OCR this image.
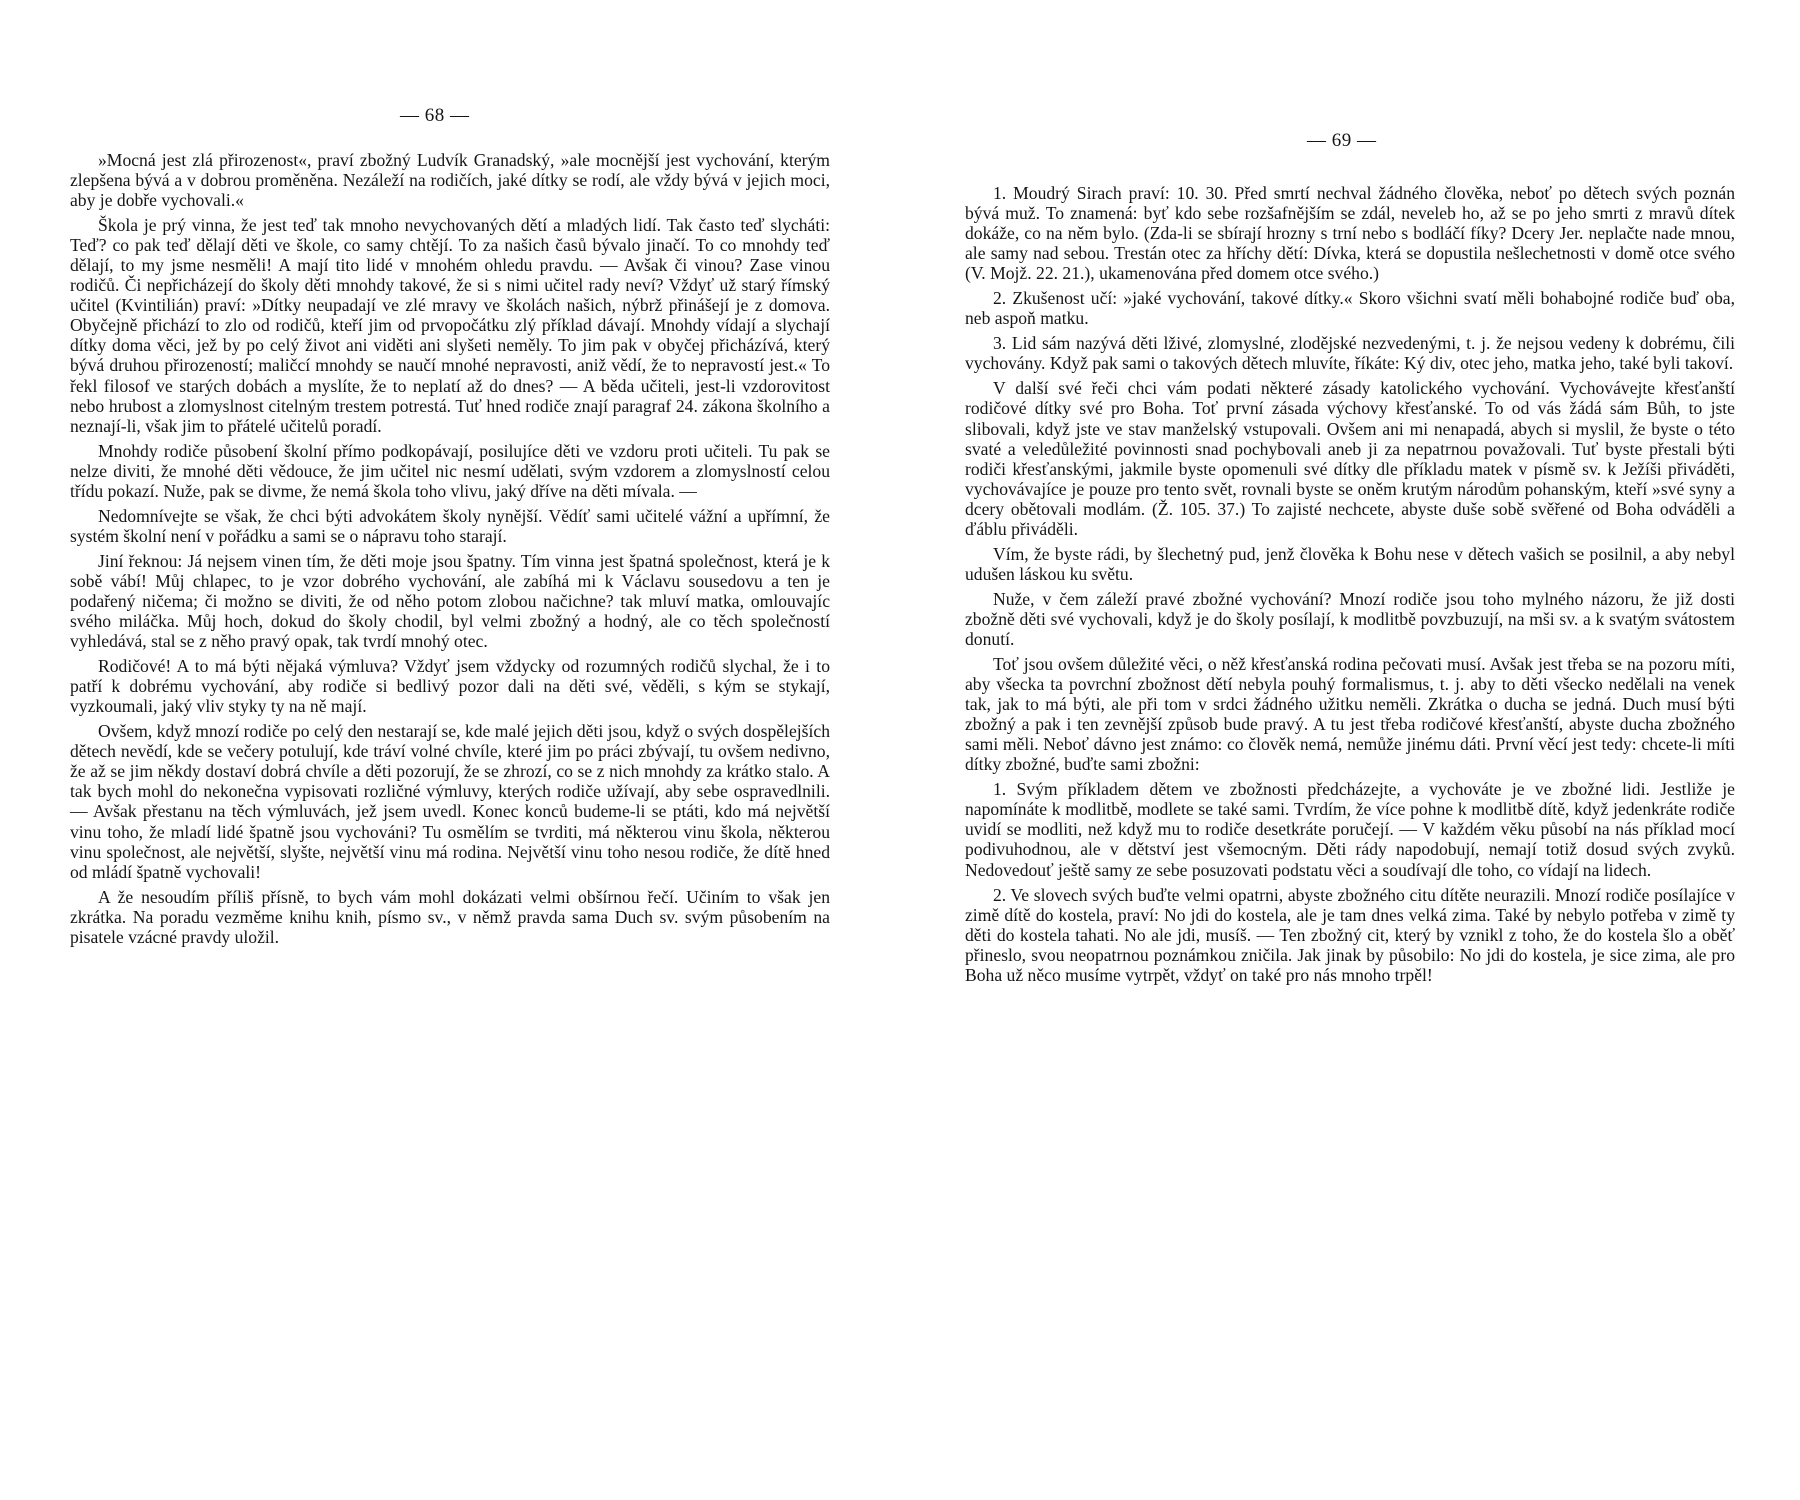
— 68 —

»Mocná jest zlá přirozenost«, praví zbožný Ludvík Granadský, »ale mocnější jest vychování, kterým zlepšena bývá a v dobrou proměněna. Nezáleží na rodičích, jaké dítky se rodí, ale vždy bývá v jejich moci, aby je dobře vychovali.«

Škola je prý vinna, že jest teď tak mnoho nevychovaných dětí a mladých lidí. Tak často teď slycháti: Teď? co pak teď dělají děti ve škole, co samy chtějí. To za našich časů bývalo jinačí. To co mnohdy teď dělají, to my jsme nesměli! A mají tito lidé v mnohém ohledu pravdu. — Avšak či vinou? Zase vinou rodičů. Či nepřicházejí do školy děti mnohdy takové, že si s nimi učitel rady neví? Vždyť už starý římský učitel (Kvintilián) praví: »Dítky neupadají ve zlé mravy ve školách našich, nýbrž přinášejí je z domova. Obyčejně přichází to zlo od rodičů, kteří jim od prvopočátku zlý příklad dávají. Mnohdy vídají a slychají dítky doma věci, jež by po celý život ani viděti ani slyšeti neměly. To jim pak v obyčej přicházívá, který bývá druhou přirozeností; maličcí mnohdy se naučí mnohé nepravosti, aniž vědí, že to nepravostí jest.« To řekl filosof ve starých dobách a myslíte, že to neplatí až do dnes? — A běda učiteli, jest-li vzdorovitost nebo hrubost a zlomyslnost citelným trestem potrestá. Tuť hned rodiče znají paragraf 24. zákona školního a neznají-li, však jim to přátelé učitelů poradí.

Mnohdy rodiče působení školní přímo podkopávají, posilujíce děti ve vzdoru proti učiteli. Tu pak se nelze diviti, že mnohé děti vědouce, že jim učitel nic nesmí udělati, svým vzdorem a zlomyslností celou třídu pokazí. Nuže, pak se divme, že nemá škola toho vlivu, jaký dříve na děti mívala. —

Nedomnívejte se však, že chci býti advokátem školy nynější. Vědíť sami učitelé vážní a upřímní, že systém školní není v pořádku a sami se o nápravu toho starají.

Jiní řeknou: Já nejsem vinen tím, že děti moje jsou špatny. Tím vinna jest špatná společnost, která je k sobě vábí! Můj chlapec, to je vzor dobrého vychování, ale zabíhá mi k Václavu sousedovu a ten je podařený ničema; či možno se diviti, že od něho potom zlobou načichne? tak mluví matka, omlouvajíc svého miláčka. Můj hoch, dokud do školy chodil, byl velmi zbožný a hodný, ale co těch společností vyhledává, stal se z něho pravý opak, tak tvrdí mnohý otec.

Rodičové! A to má býti nějaká výmluva? Vždyť jsem vždycky od rozumných rodičů slychal, že i to patří k dobrému vychování, aby rodiče si bedlivý pozor dali na děti své, věděli, s kým se stykají, vyzkoumali, jaký vliv styky ty na ně mají.

Ovšem, když mnozí rodiče po celý den nestarají se, kde malé jejich děti jsou, když o svých dospělejších dětech nevědí, kde se večery potulují, kde tráví volné chvíle, které jim po práci zbývají, tu ovšem nedivno, že až se jim někdy dostaví dobrá chvíle a děti pozorují, že se zhrozí, co se z nich mnohdy za krátko stalo. A tak bych mohl do nekonečna vypisovati rozličné výmluvy, kterých rodiče užívají, aby sebe ospravedlnili. — Avšak přestanu na těch výmluvách, jež jsem uvedl. Konec konců budeme-li se ptáti, kdo má největší vinu toho, že mladí lidé špatně jsou vychováni? Tu osmělím se tvrditi, má některou vinu škola, některou vinu společnost, ale největší, slyšte, největší vinu má rodina. Největší vinu toho nesou rodiče, že dítě hned od mládí špatně vychovali!

A že nesoudím příliš přísně, to bych vám mohl dokázati velmi obšírnou řečí. Učiním to však jen zkrátka. Na poradu vezměme knihu knih, písmo sv., v němž pravda sama Duch sv. svým působením na pisatele vzácné pravdy uložil.

— 69 —

1. Moudrý Sirach praví: 10. 30. Před smrtí nechval žádného člověka, neboť po dětech svých poznán bývá muž. To znamená: byť kdo sebe rozšafnějším se zdál, neveleb ho, až se po jeho smrti z mravů dítek dokáže, co na něm bylo. (Zda-li se sbírají hrozny s trní nebo s bodláčí fíky? Dcery Jer. neplačte nade mnou, ale samy nad sebou. Trestán otec za hříchy dětí: Dívka, která se dopustila nešlechetnosti v domě otce svého (V. Mojž. 22. 21.), ukamenována před domem otce svého.)

2. Zkušenost učí: »jaké vychování, takové dítky.« Skoro všichni svatí měli bohabojné rodiče buď oba, neb aspoň matku.

3. Lid sám nazývá děti lživé, zlomyslné, zlodějské nezvedenými, t. j. že nejsou vedeny k dobrému, čili vychovány. Když pak sami o takových dětech mluvíte, říkáte: Ký div, otec jeho, matka jeho, také byli takoví.

V další své řeči chci vám podati některé zásady katolického vychování. Vychovávejte křesťanští rodičové dítky své pro Boha. Toť první zásada výchovy křesťanské. To od vás žádá sám Bůh, to jste slibovali, když jste ve stav manželský vstupovali. Ovšem ani mi nenapadá, abych si myslil, že byste o této svaté a veledůležité povinnosti snad pochybovali aneb ji za nepatrnou považovali. Tuť byste přestali býti rodiči křesťanskými, jakmile byste opomenuli své dítky dle příkladu matek v písmě sv. k Ježíši přiváděti, vychovávajíce je pouze pro tento svět, rovnali byste se oněm krutým národům pohanským, kteří »své syny a dcery obětovali modlám. (Ž. 105. 37.) To zajisté nechcete, abyste duše sobě svěřené od Boha odváděli a ďáblu přiváděli.

Vím, že byste rádi, by šlechetný pud, jenž člověka k Bohu nese v dětech vašich se posilnil, a aby nebyl udušen láskou ku světu.

Nuže, v čem záleží pravé zbožné vychování? Mnozí rodiče jsou toho mylného názoru, že již dosti zbožně děti své vychovali, když je do školy posílají, k modlitbě povzbuzují, na mši sv. a k svatým svátostem donutí.

Toť jsou ovšem důležité věci, o něž křesťanská rodina pečovati musí. Avšak jest třeba se na pozoru míti, aby všecka ta povrchní zbožnost dětí nebyla pouhý formalismus, t. j. aby to děti všecko nedělali na venek tak, jak to má býti, ale při tom v srdci žádného užitku neměli. Zkrátka o ducha se jedná. Duch musí býti zbožný a pak i ten zevnější způsob bude pravý. A tu jest třeba rodičové křesťanští, abyste ducha zbožného sami měli. Neboť dávno jest známo: co člověk nemá, nemůže jinému dáti. První věcí jest tedy: chcete-li míti dítky zbožné, buďte sami zbožni:

1. Svým příkladem dětem ve zbožnosti předcházejte, a vychováte je ve zbožné lidi. Jestliže je napomínáte k modlitbě, modlete se také sami. Tvrdím, že více pohne k modlitbě dítě, když jedenkráte rodiče uvidí se modliti, než když mu to rodiče desetkráte poručejí. — V každém věku působí na nás příklad mocí podivuhodnou, ale v dětství jest všemocným. Děti rády napodobují, nemají totiž dosud svých zvyků. Nedovedouť ještě samy ze sebe posuzovati podstatu věci a soudívají dle toho, co vídají na lidech.

2. Ve slovech svých buďte velmi opatrni, abyste zbožného citu dítěte neurazili. Mnozí rodiče posílajíce v zimě dítě do kostela, praví: No jdi do kostela, ale je tam dnes velká zima. Také by nebylo potřeba v zimě ty děti do kostela tahati. No ale jdi, musíš. — Ten zbožný cit, který by vznikl z toho, že do kostela šlo a oběť přineslo, svou neopatrnou poznámkou zničila. Jak jinak by působilo: No jdi do kostela, je sice zima, ale pro Boha už něco musíme vytrpět, vždyť on také pro nás mnoho trpěl!
